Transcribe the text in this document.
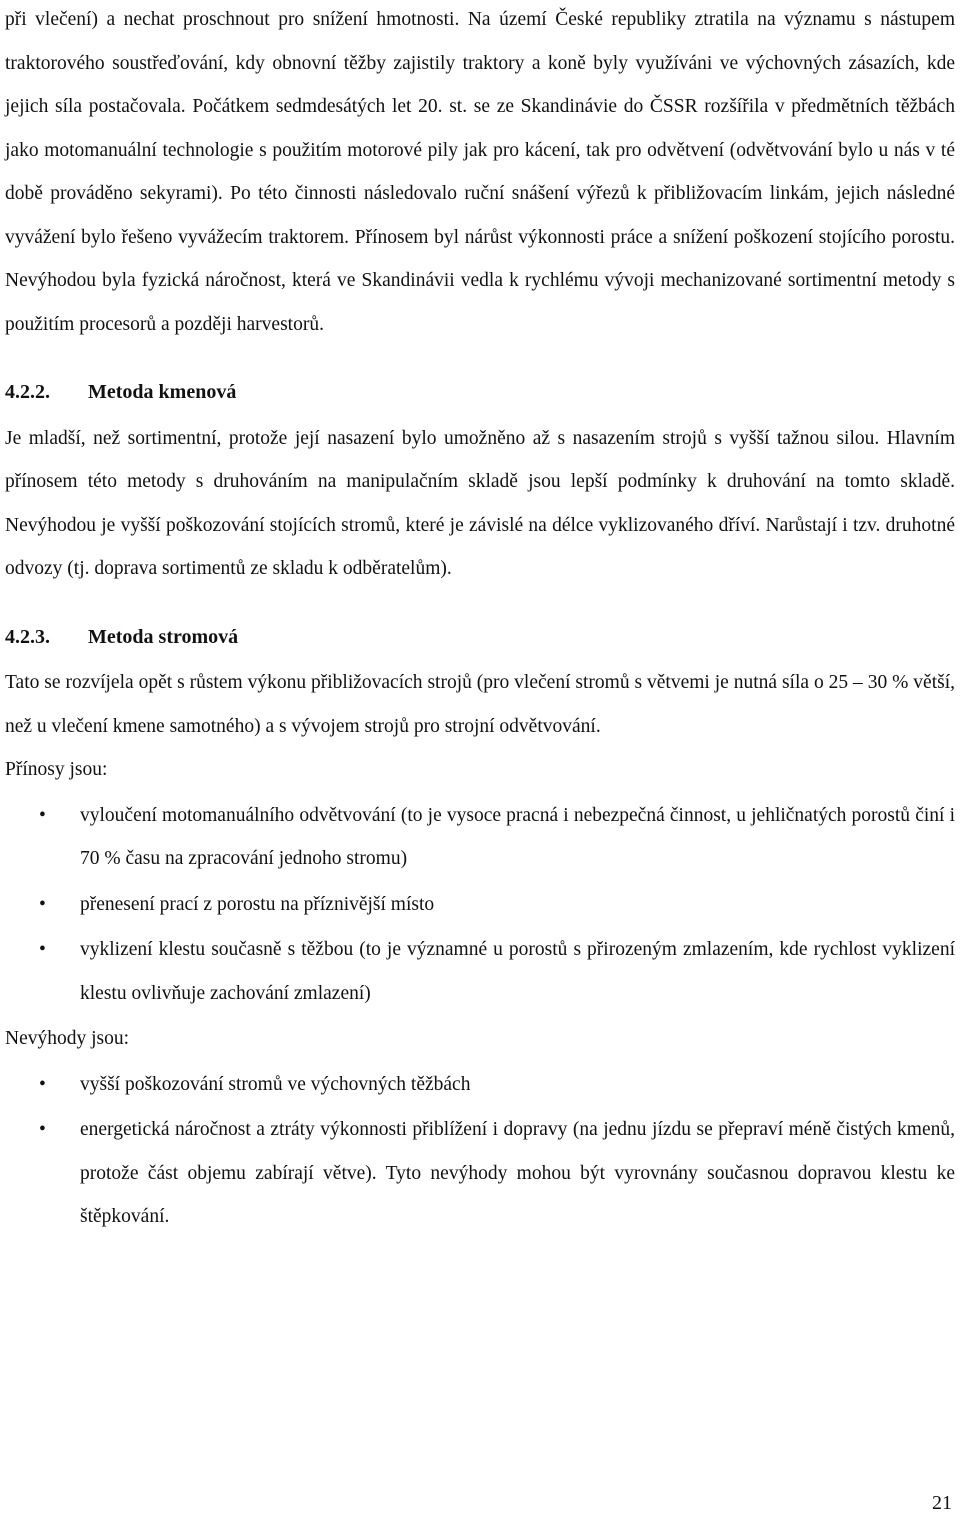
při vlečení) a nechat proschnout pro snížení hmotnosti. Na území České republiky ztratila na významu s nástupem traktorového soustřeďování, kdy obnovní těžby zajistily traktory a koně byly využíváni ve výchovných zásazích, kde jejich síla postačovala. Počátkem sedmdesátých let 20. st. se ze Skandinávie do ČSSR rozšířila v předmětních těžbách jako motomanuální technologie s použitím motorové pily jak pro kácení, tak pro odvětvení (odvětvování bylo u nás v té době prováděno sekyrami). Po této činnosti následovalo ruční snášení výřezů k přibližovacím linkám, jejich následné vyvážení bylo řešeno vyvážecím traktorem. Přínosem byl nárůst výkonnosti práce a snížení poškození stojícího porostu. Nevýhodou byla fyzická náročnost, která ve Skandinávii vedla k rychlému vývoji mechanizované sortimentní metody s použitím procesorů a později harvestorů.

4.2.2. Metoda kmenová

Je mladší, než sortimentní, protože její nasazení bylo umožněno až s nasazením strojů s vyšší tažnou silou. Hlavním přínosem této metody s druhováním na manipulačním skladě jsou lepší podmínky k druhování na tomto skladě. Nevýhodou je vyšší poškozování stojících stromů, které je závislé na délce vyklizovaného dříví. Narůstají i tzv. druhotné odvozy (tj. doprava sortimentů ze skladu k odběratelům).

4.2.3. Metoda stromová

Tato se rozvíjela opět s růstem výkonu přibližovacích strojů (pro vlečení stromů s větvemi je nutná síla o 25 – 30 % větší, než u vlečení kmene samotného) a s vývojem strojů pro strojní odvětvování.

Přínosy jsou:

• vyloučení motomanuálního odvětvování (to je vysoce pracná i nebezpečná činnost, u jehličnatých porostů činí i 70 % času na zpracování jednoho stromu)
• přenesení prací z porostu na příznivější místo
• vyklizení klestu současně s těžbou (to je významné u porostů s přirozeným zmlazením, kde rychlost vyklizení klestu ovlivňuje zachování zmlazení)

Nevýhody jsou:

• vyšší poškozování stromů ve výchovných těžbách
• energetická náročnost a ztráty výkonnosti přiblížení i dopravy (na jednu jízdu se přepraví méně čistých kmenů, protože část objemu zabírají větve). Tyto nevýhody mohou být vyrovnány současnou dopravou klestu ke štěpkování.
21
